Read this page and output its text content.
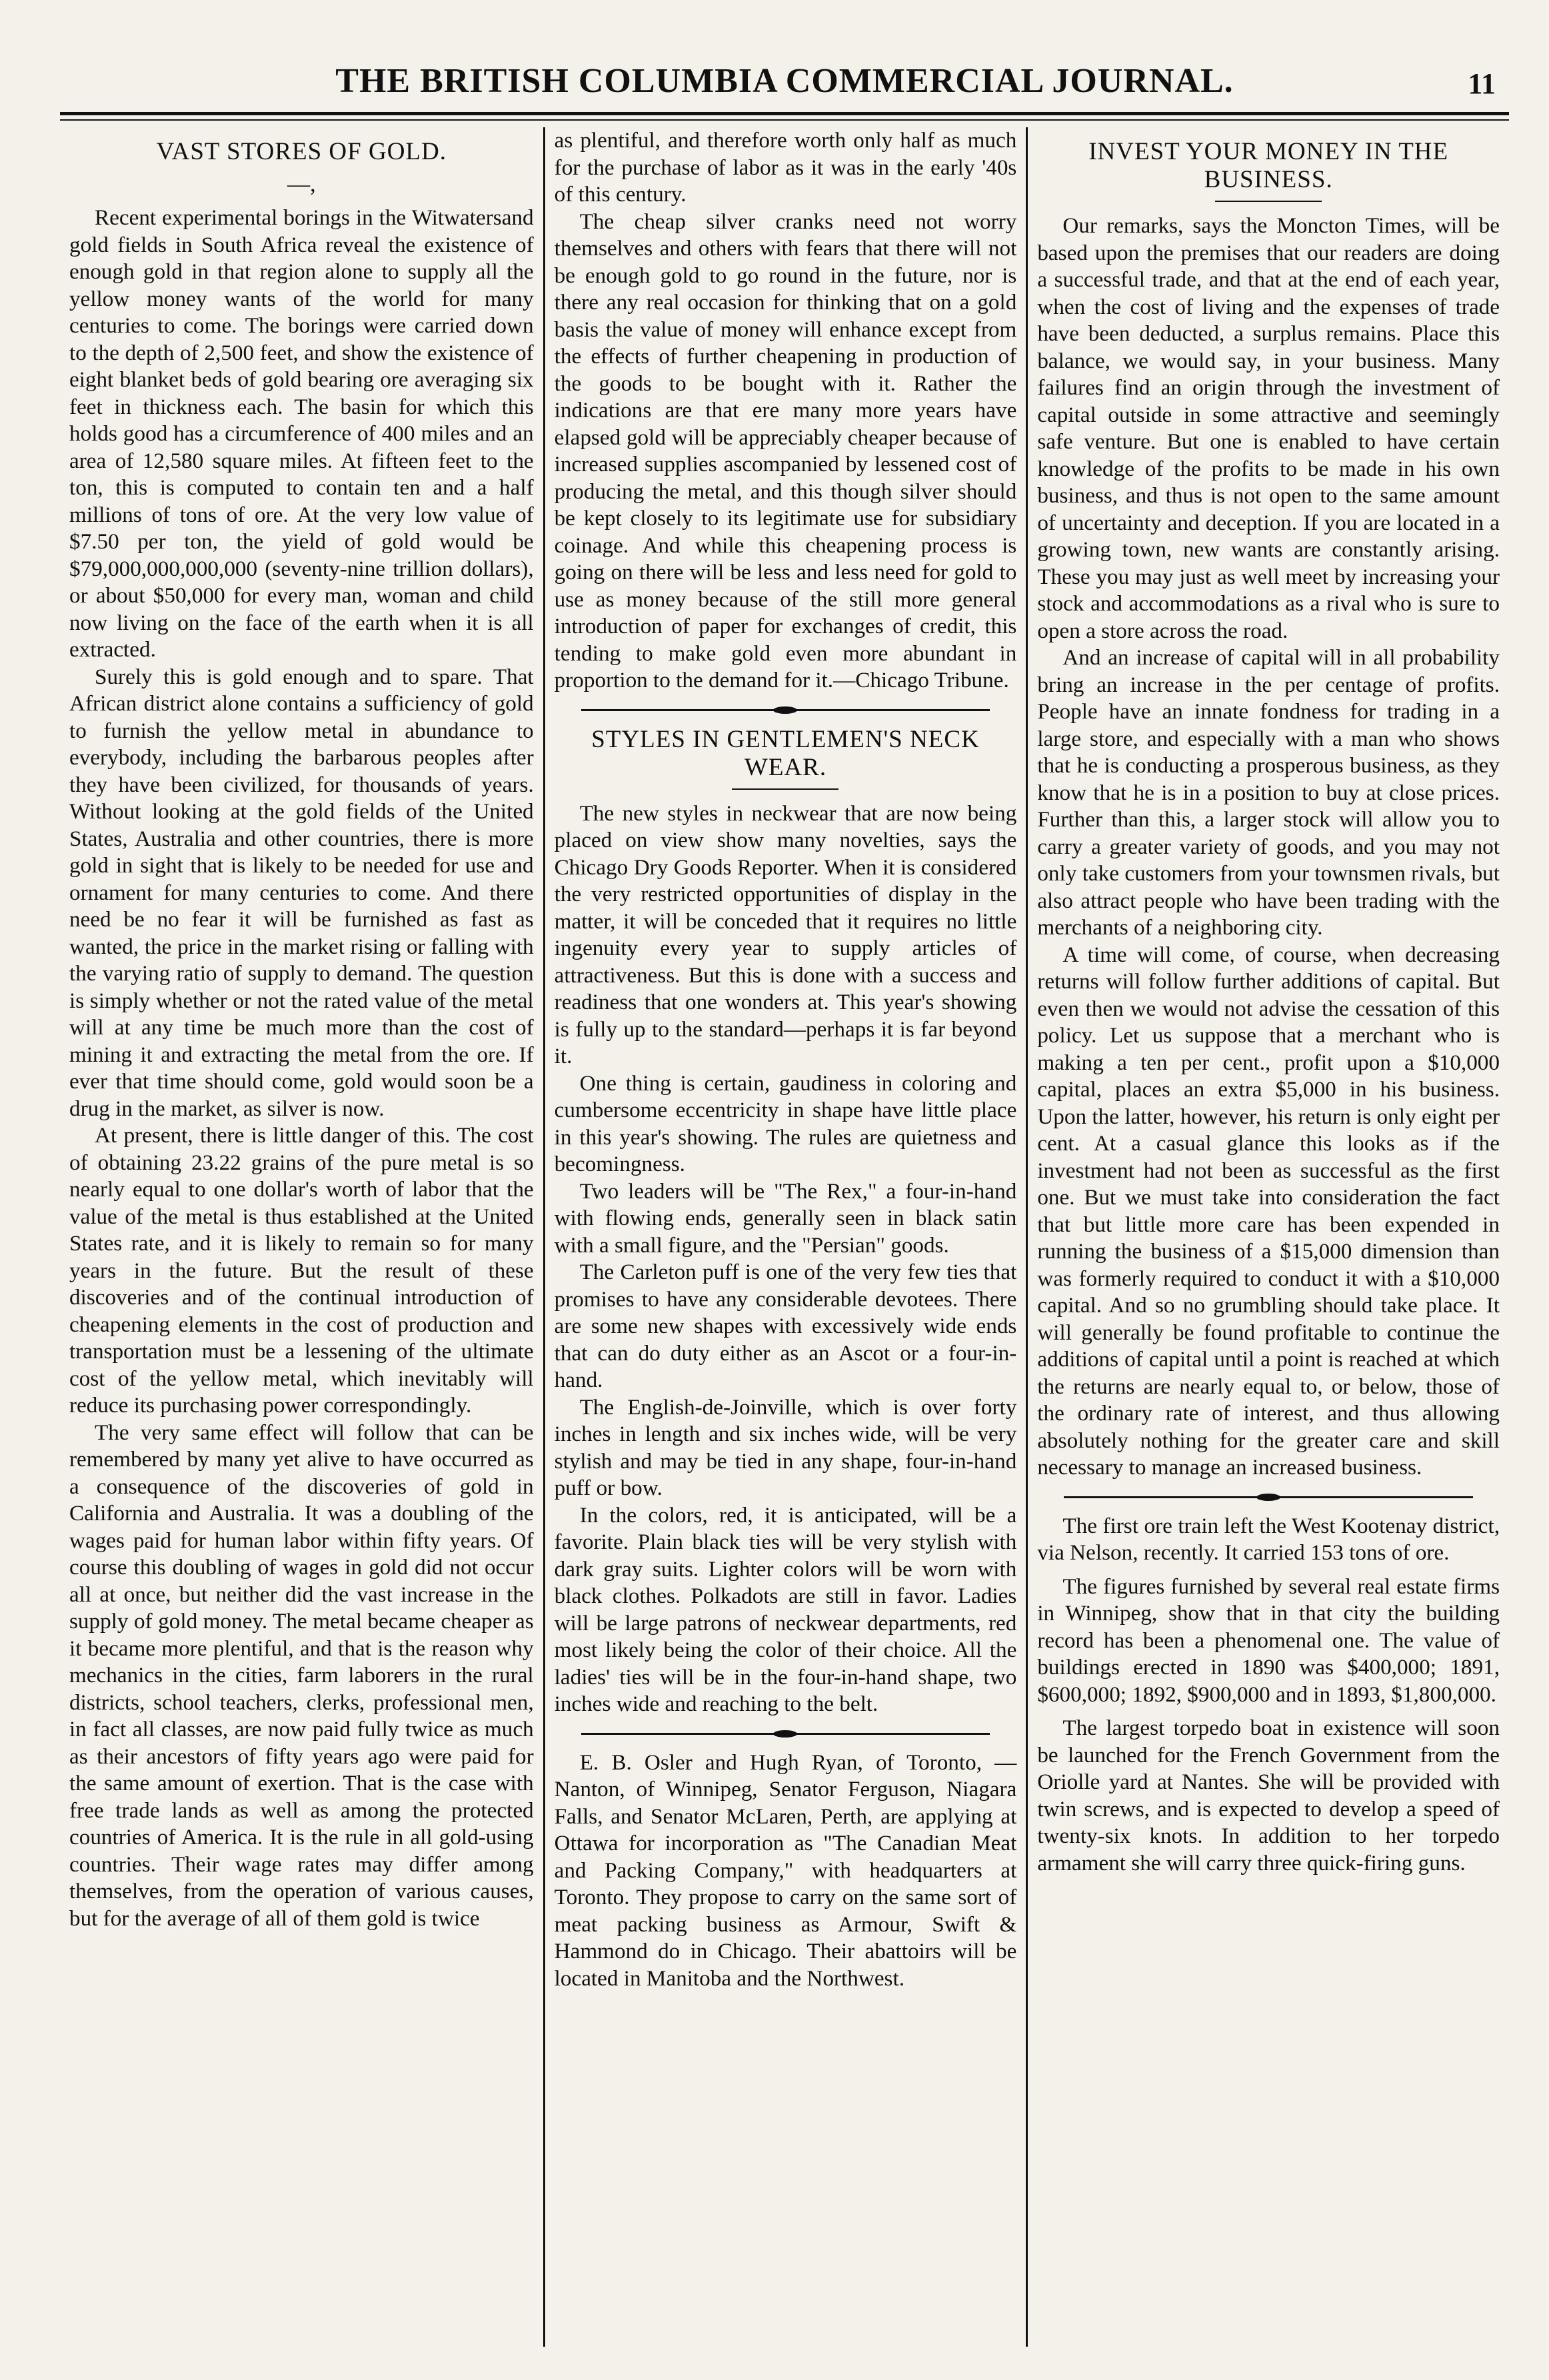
THE BRITISH COLUMBIA COMMERCIAL JOURNAL.	11
VAST STORES OF GOLD.
—,

Recent experimental borings in the Witwatersand gold fields in South Africa reveal the existence of enough gold in that region alone to supply all the yellow money wants of the world for many centuries to come. The borings were carried down to the depth of 2,500 feet, and show the existence of eight blanket beds of gold bearing ore averaging six feet in thickness each. The basin for which this holds good has a circumference of 400 miles and an area of 12,580 square miles. At fifteen feet to the ton, this is computed to contain ten and a half millions of tons of ore. At the very low value of $7.50 per ton, the yield of gold would be $79,000,000,000,000 (seventy-nine trillion dollars), or about $50,000 for every man, woman and child now living on the face of the earth when it is all extracted.

Surely this is gold enough and to spare. That African district alone contains a sufficiency of gold to furnish the yellow metal in abundance to everybody, including the barbarous peoples after they have been civilized, for thousands of years. Without looking at the gold fields of the United States, Australia and other countries, there is more gold in sight that is likely to be needed for use and ornament for many centuries to come. And there need be no fear it will be furnished as fast as wanted, the price in the market rising or falling with the varying ratio of supply to demand. The question is simply whether or not the rated value of the metal will at any time be much more than the cost of mining it and extracting the metal from the ore. If ever that time should come, gold would soon be a drug in the market, as silver is now.

At present, there is little danger of this. The cost of obtaining 23.22 grains of the pure metal is so nearly equal to one dollar's worth of labor that the value of the metal is thus established at the United States rate, and it is likely to remain so for many years in the future. But the result of these discoveries and of the continual introduction of cheapening elements in the cost of production and transportation must be a lessening of the ultimate cost of the yellow metal, which inevitably will reduce its purchasing power correspondingly.

The very same effect will follow that can be remembered by many yet alive to have occurred as a consequence of the discoveries of gold in California and Australia. It was a doubling of the wages paid for human labor within fifty years. Of course this doubling of wages in gold did not occur all at once, but neither did the vast increase in the supply of gold money. The metal became cheaper as it became more plentiful, and that is the reason why mechanics in the cities, farm laborers in the rural districts, school teachers, clerks, professional men, in fact all classes, are now paid fully twice as much as their ancestors of fifty years ago were paid for the same amount of exertion. That is the case with free trade lands as well as among the protected countries of America. It is the rule in all gold-using countries. Their wage rates may differ among themselves, from the operation of various causes, but for the average of all of them gold is twice

as plentiful, and therefore worth only half as much for the purchase of labor as it was in the early '40s of this century.

The cheap silver cranks need not worry themselves and others with fears that there will not be enough gold to go round in the future, nor is there any real occasion for thinking that on a gold basis the value of money will enhance except from the effects of further cheapening in production of the goods to be bought with it. Rather the indications are that ere many more years have elapsed gold will be appreciably cheaper because of increased supplies ascompanied by lessened cost of producing the metal, and this though silver should be kept closely to its legitimate use for subsidiary coinage. And while this cheapening process is going on there will be less and less need for gold to use as money because of the still more general introduction of paper for exchanges of credit, this tending to make gold even more abundant in proportion to the demand for it.—Chicago Tribune.

STYLES IN GENTLEMEN'S NECK WEAR.

The new styles in neckwear that are now being placed on view show many novelties, says the Chicago Dry Goods Reporter. When it is considered the very restricted opportunities of display in the matter, it will be conceded that it requires no little ingenuity every year to supply articles of attractiveness. But this is done with a success and readiness that one wonders at. This year's showing is fully up to the standard—perhaps it is far beyond it.

One thing is certain, gaudiness in coloring and cumbersome eccentricity in shape have little place in this year's showing. The rules are quietness and becomingness.

Two leaders will be "The Rex," a four-in-hand with flowing ends, generally seen in black satin with a small figure, and the "Persian" goods.

The Carleton puff is one of the very few ties that promises to have any considerable devotees. There are some new shapes with excessively wide ends that can do duty either as an Ascot or a four-in-hand.

The English-de-Joinville, which is over forty inches in length and six inches wide, will be very stylish and may be tied in any shape, four-in-hand puff or bow.

In the colors, red, it is anticipated, will be a favorite. Plain black ties will be very stylish with dark gray suits. Lighter colors will be worn with black clothes. Polkadots are still in favor. Ladies will be large patrons of neckwear departments, red most likely being the color of their choice. All the ladies' ties will be in the four-in-hand shape, two inches wide and reaching to the belt.

E. B. Osler and Hugh Ryan, of Toronto, —Nanton, of Winnipeg, Senator Ferguson, Niagara Falls, and Senator McLaren, Perth, are applying at Ottawa for incorporation as "The Canadian Meat and Packing Company," with headquarters at Toronto. They propose to carry on the same sort of meat packing business as Armour, Swift & Hammond do in Chicago. Their abattoirs will be located in Manitoba and the Northwest.

INVEST YOUR MONEY IN THE BUSINESS.

Our remarks, says the Moncton Times, will be based upon the premises that our readers are doing a successful trade, and that at the end of each year, when the cost of living and the expenses of trade have been deducted, a surplus remains. Place this balance, we would say, in your business. Many failures find an origin through the investment of capital outside in some attractive and seemingly safe venture. But one is enabled to have certain knowledge of the profits to be made in his own business, and thus is not open to the same amount of uncertainty and deception. If you are located in a growing town, new wants are constantly arising. These you may just as well meet by increasing your stock and accommodations as a rival who is sure to open a store across the road.

And an increase of capital will in all probability bring an increase in the per centage of profits. People have an innate fondness for trading in a large store, and especially with a man who shows that he is conducting a prosperous business, as they know that he is in a position to buy at close prices. Further than this, a larger stock will allow you to carry a greater variety of goods, and you may not only take customers from your townsmen rivals, but also attract people who have been trading with the merchants of a neighboring city.

A time will come, of course, when decreasing returns will follow further additions of capital. But even then we would not advise the cessation of this policy. Let us suppose that a merchant who is making a ten per cent., profit upon a $10,000 capital, places an extra $5,000 in his business. Upon the latter, however, his return is only eight per cent. At a casual glance this looks as if the investment had not been as successful as the first one. But we must take into consideration the fact that but little more care has been expended in running the business of a $15,000 dimension than was formerly required to conduct it with a $10,000 capital. And so no grumbling should take place. It will generally be found profitable to continue the additions of capital until a point is reached at which the returns are nearly equal to, or below, those of the ordinary rate of interest, and thus allowing absolutely nothing for the greater care and skill necessary to manage an increased business.

The first ore train left the West Kootenay district, via Nelson, recently. It carried 153 tons of ore.

The figures furnished by several real estate firms in Winnipeg, show that in that city the building record has been a phenomenal one. The value of buildings erected in 1890 was $400,000; 1891, $600,000; 1892, $900,000 and in 1893, $1,800,000.

The largest torpedo boat in existence will soon be launched for the French Government from the Oriolle yard at Nantes. She will be provided with twin screws, and is expected to develop a speed of twenty-six knots. In addition to her torpedo armament she will carry three quick-firing guns.
